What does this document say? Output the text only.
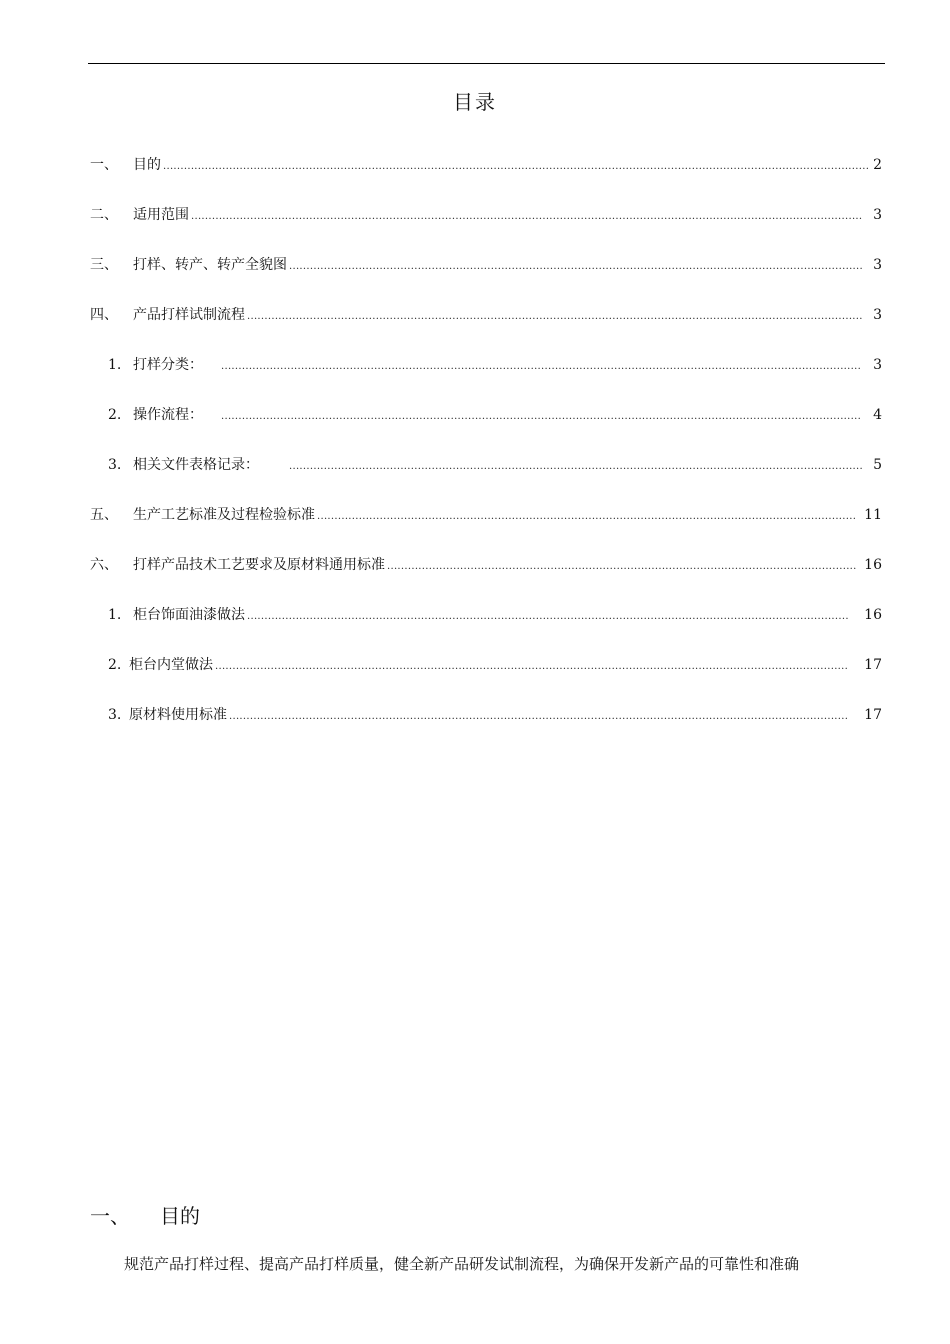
目录
一、	目的 .....	2
二、	适用范围 .....	3
三、	打样、转产、转产全貌图 .....	3
四、	产品打样试制流程 .....	3
1. 打样分类： .....	3
2. 操作流程： .....	4
3. 相关文件表格记录： .....	5
五、	生产工艺标准及过程检验标准 .....	11
六、	打样产品技术工艺要求及原材料通用标准 .....	16
1. 柜台饰面油漆做法 .....	16
2. 柜台内堂做法 .....	17
3. 原材料使用标准 .....	17
一、 目的
规范产品打样过程、提高产品打样质量，健全新产品研发试制流程，为确保开发新产品的可靠性和准确
